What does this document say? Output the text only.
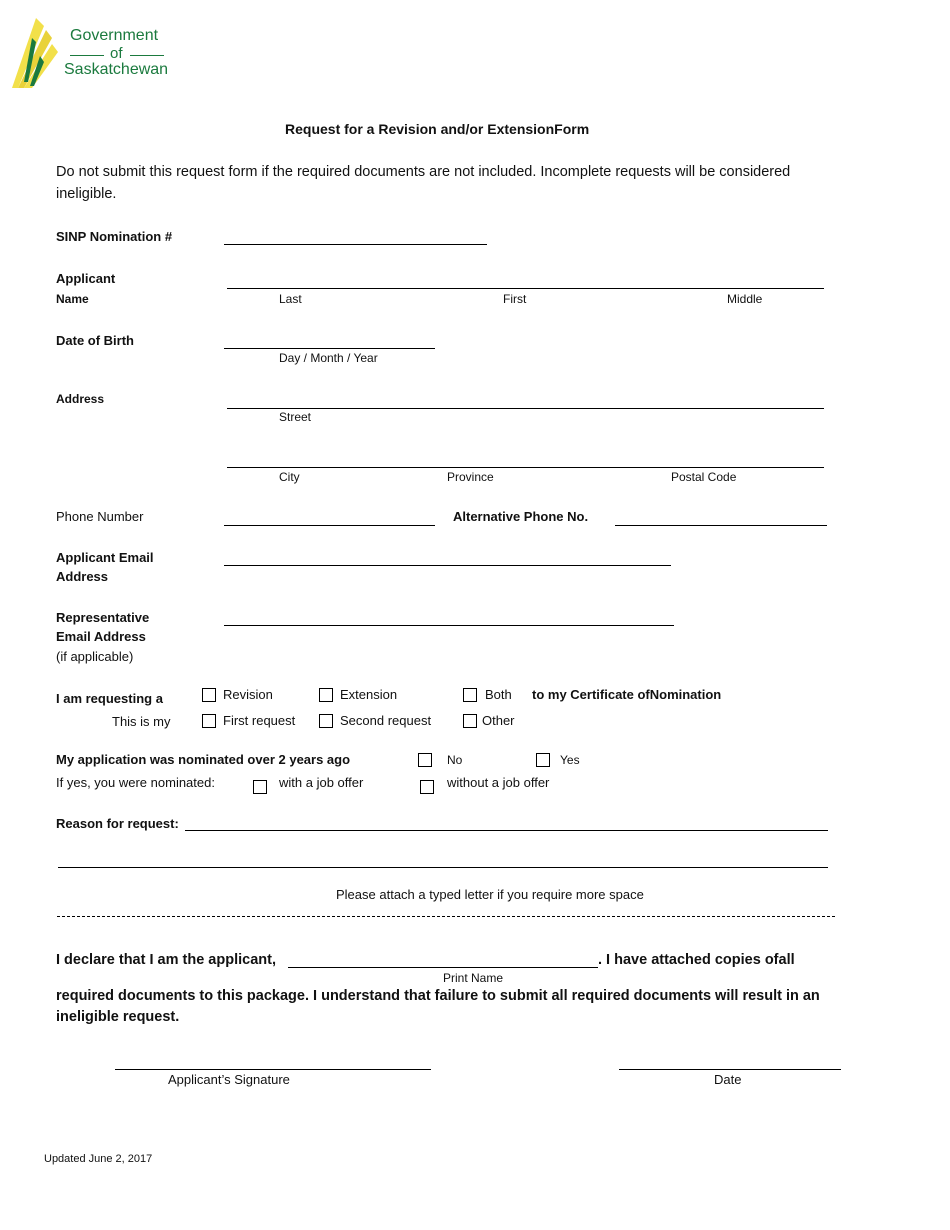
Government
of
Saskatchewan
Request for a Revision and/or ExtensionForm
Do not submit this request form if the required documents are not included. Incomplete requests will be considered
ineligible.
SINP Nomination #
Applicant
Name	Last	First	Middle
Date of Birth
Day / Month / Year
Address
Street
City	Province	Postal Code
Phone Number	Alternative Phone No.
Applicant Email
Address
Representative
Email Address
(if applicable)
I am requesting a	Revision	Extension	Both to my Certificate ofNomination
This is my	First request	Second request	Other
My application was nominated over 2 years ago	No	Yes
If yes, you were nominated:	with a job offer	without a job offer
Reason for request:
Please attach a typed letter if you require more space
I declare that I am the applicant,	. I have attached copies ofall
Print Name
required documents to this package. I understand that failure to submit all required documents will result in an
ineligible request.
Applicant’s Signature	Date
Updated June 2, 2017
